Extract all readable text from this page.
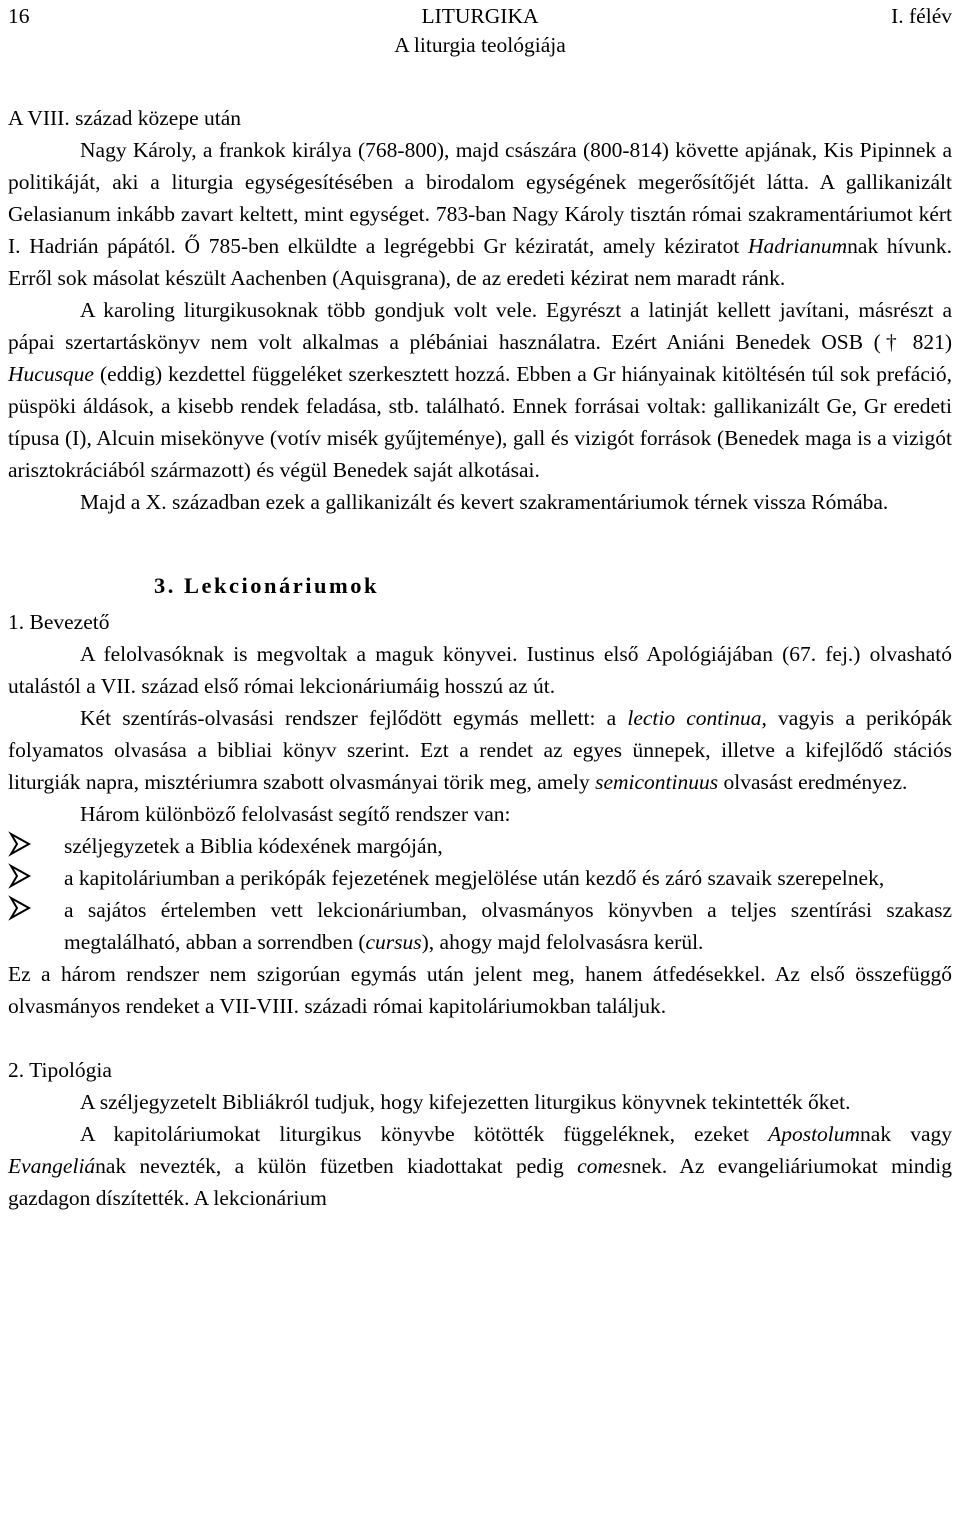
16	LITURGIKA	I. félév
A liturgia teológiája

A VIII. század közepe után

Nagy Károly, a frankok királya (768-800), majd császára (800-814) követte apjának, Kis Pipinnek a politikáját, aki a liturgia egységesítésében a birodalom egységének megerősítőjét látta. A gallikanizált Gelasianum inkább zavart keltett, mint egységet. 783-ban Nagy Károly tisztán római szakramentáriumot kért I. Hadrián pápától. Ő 785-ben elküldte a legrégebbi Gr kéziratát, amely kéziratot Hadrianumnak hívunk. Erről sok másolat készült Aachenben (Aquisgrana), de az eredeti kézirat nem maradt ránk.

A karoling liturgikusoknak több gondjuk volt vele. Egyrészt a latinját kellett javítani, másrészt a pápai szertartáskönyv nem volt alkalmas a plébániai használatra. Ezért Aniáni Benedek OSB († 821) Hucusque (eddig) kezdettel függeléket szerkesztett hozzá. Ebben a Gr hiányainak kitöltésén túl sok prefáció, püspöki áldások, a kisebb rendek feladása, stb. található. Ennek forrásai voltak: gallikanizált Ge, Gr eredeti típusa (I), Alcuin misekönyve (votív misék gyűjteménye), gall és vizigót források (Benedek maga is a vizigót arisztokráciából származott) és végül Benedek saját alkotásai.

Majd a X. században ezek a gallikanizált és kevert szakramentáriumok térnek vissza Rómába.

3. Lekcionáriumok

1. Bevezető

A felolvasóknak is megvoltak a maguk könyvei. Iustinus első Apológiájában (67. fej.) olvasható utalástól a VII. század első római lekcionáriumáig hosszú az út.

Két szentírás-olvasási rendszer fejlődött egymás mellett: a lectio continua, vagyis a perikópák folyamatos olvasása a bibliai könyv szerint. Ezt a rendet az egyes ünnepek, illetve a kifejlődő stációs liturgiák napra, misztériumra szabott olvasmányai törik meg, amely semicontinuus olvasást eredményez.

Három különböző felolvasást segítő rendszer van:

széljegyzetek a Biblia kódexének margóján,

a kapitoláriumban a perikópák fejezetének megjelölése után kezdő és záró szavaik szerepelnek,

a sajátos értelemben vett lekcionáriumban, olvasmányos könyvben a teljes szentírási szakasz megtalálható, abban a sorrendben (cursus), ahogy majd felolvasásra kerül.

Ez a három rendszer nem szigorúan egymás után jelent meg, hanem átfedésekkel. Az első összefüggő olvasmányos rendeket a VII-VIII. századi római kapitoláriumokban találjuk.

2. Tipológia

A széljegyzetelt Bibliákról tudjuk, hogy kifejezetten liturgikus könyvnek tekintették őket.

A kapitoláriumokat liturgikus könyvbe kötötték függeléknek, ezeket Apostolumnak vagy Evangeliának nevezték, a külön füzetben kiadottakat pedig comesnek. Az evangeliáriumokat mindig gazdagon díszítették. A lekcionárium
